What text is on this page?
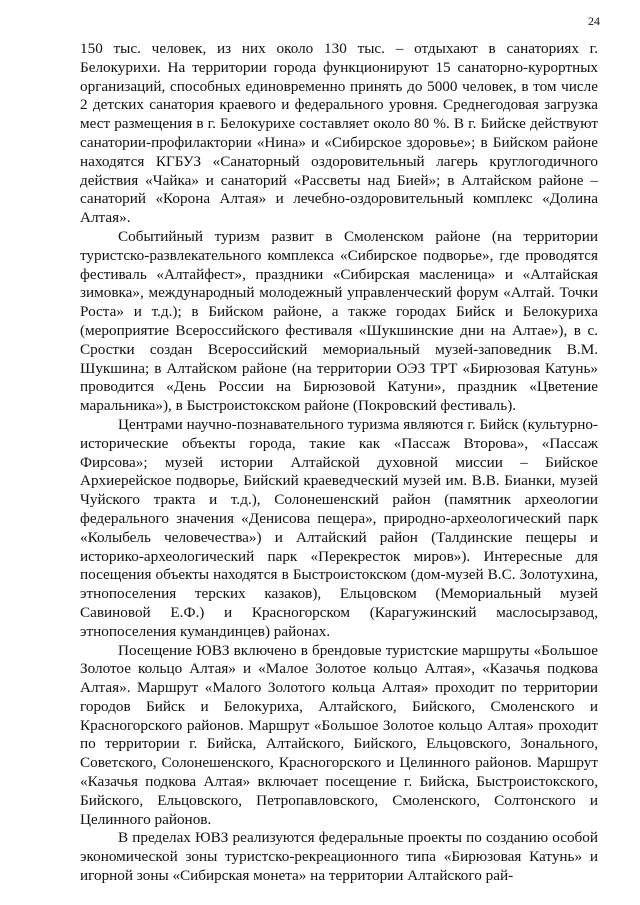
24

150 тыс. человек, из них около 130 тыс. – отдыхают в санаториях г. Белокурихи. На территории города функционируют 15 санаторно-курортных организаций, способных единовременно принять до 5000 человек, в том числе 2 детских санатория краевого и федерального уровня. Среднегодовая загрузка мест размещения в г. Белокурихе составляет около 80 %. В г. Бийске действуют санатории-профилактории «Нина» и «Сибирское здоровье»; в Бийском районе находятся КГБУЗ «Санаторный оздоровительный лагерь круглогодичного действия «Чайка» и санаторий «Рассветы над Бией»; в Алтайском районе – санаторий «Корона Алтая» и лечебно-оздоровительный комплекс «Долина Алтая».

Событийный туризм развит в Смоленском районе (на территории туристско-развлекательного комплекса «Сибирское подворье», где проводятся фестиваль «Алтайфест», праздники «Сибирская масленица» и «Алтайская зимовка», международный молодежный управленческий форум «Алтай. Точки Роста» и т.д.); в Бийском районе, а также городах Бийск и Белокуриха (мероприятие Всероссийского фестиваля «Шукшинские дни на Алтае»), в с. Сростки создан Всероссийский мемориальный музей-заповедник В.М. Шукшина; в Алтайском районе (на территории ОЭЗ ТРТ «Бирюзовая Катунь» проводится «День России на Бирюзовой Катуни», праздник «Цветение маральника»), в Быстроистокском районе (Покровский фестиваль).

Центрами научно-познавательного туризма являются г. Бийск (культурно-исторические объекты города, такие как «Пассаж Второва», «Пассаж Фирсова»; музей истории Алтайской духовной миссии – Бийское Архиерейское подворье, Бийский краеведческий музей им. В.В. Бианки, музей Чуйского тракта и т.д.), Солонешенский район (памятник археологии федерального значения «Денисова пещера», природно-археологический парк «Колыбель человечества») и Алтайский район (Талдинские пещеры и историко-археологический парк «Перекресток миров»). Интересные для посещения объекты находятся в Быстроистокском (дом-музей В.С. Золотухина, этнопоселения терских казаков), Ельцовском (Мемориальный музей Савиновой Е.Ф.) и Красногорском (Карагужинский маслосырзавод, этнопоселения кумандинцев) районах.

Посещение ЮВЗ включено в брендовые туристские маршруты «Большое Золотое кольцо Алтая» и «Малое Золотое кольцо Алтая», «Казачья подкова Алтая». Маршрут «Малого Золотого кольца Алтая» проходит по территории городов Бийск и Белокуриха, Алтайского, Бийского, Смоленского и Красногорского районов. Маршрут «Большое Золотое кольцо Алтая» проходит по территории г. Бийска, Алтайского, Бийского, Ельцовского, Зонального, Советского, Солонешенского, Красногорского и Целинного районов. Маршрут «Казачья подкова Алтая» включает посещение г. Бийска, Быстроистокского, Бийского, Ельцовского, Петропавловского, Смоленского, Солтонского и Целинного районов.

В пределах ЮВЗ реализуются федеральные проекты по созданию особой экономической зоны туристско-рекреационного типа «Бирюзовая Катунь» и игорной зоны «Сибирская монета» на территории Алтайского рай-
